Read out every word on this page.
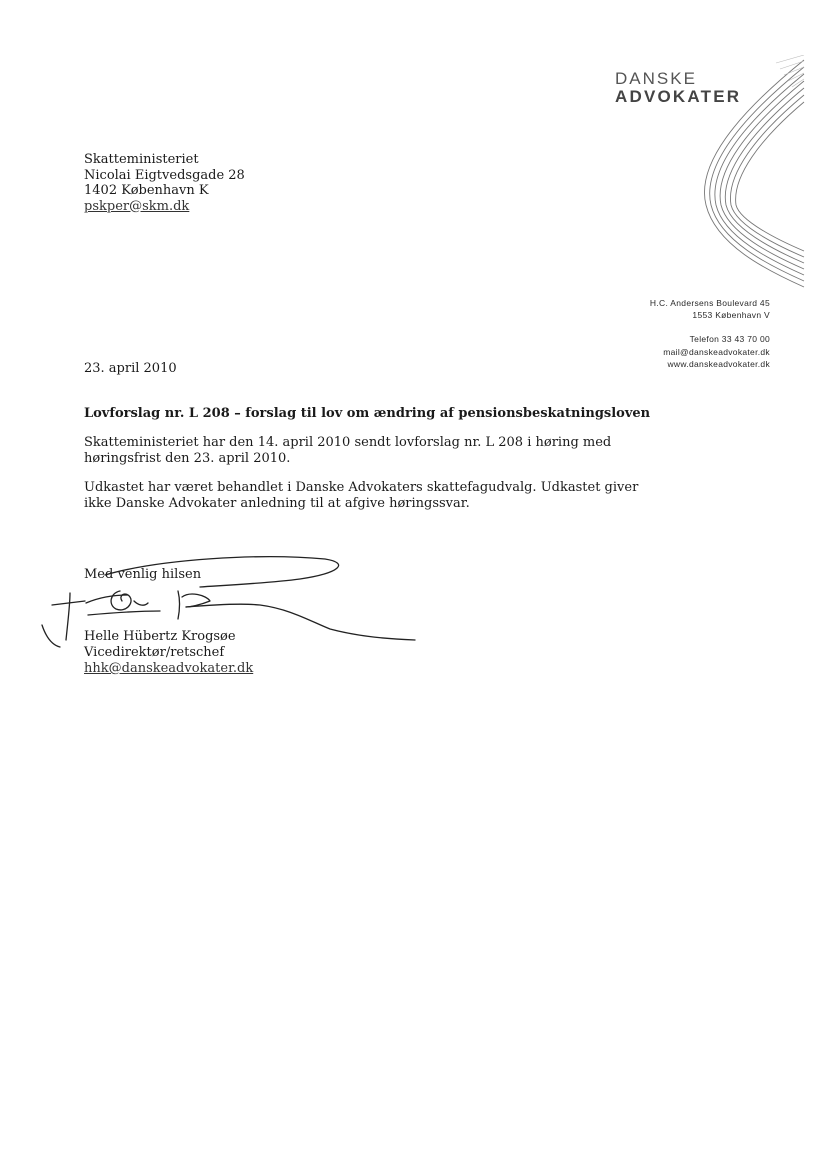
DANSKE
ADVOKATER
Skatteministeriet
Nicolai Eigtvedsgade 28
1402 København K
pskper@skm.dk
H.C. Andersens Boulevard 45
1553 København V
Telefon 33 43 70 00
mail@danskeadvokater.dk
www.danskeadvokater.dk
23. april 2010
Lovforslag nr. L 208 – forslag til lov om ændring af pensionsbeskatningsloven
Skatteministeriet har den 14. april 2010 sendt lovforslag nr. L 208 i høring med høringsfrist den 23. april 2010.
Udkastet har været behandlet i Danske Advokaters skattefagudvalg. Udkastet giver ikke Danske Advokater anledning til at afgive høringssvar.
Med venlig hilsen
Helle Hübertz Krogsøe
Vicedirektør/retschef
hhk@danskeadvokater.dk
